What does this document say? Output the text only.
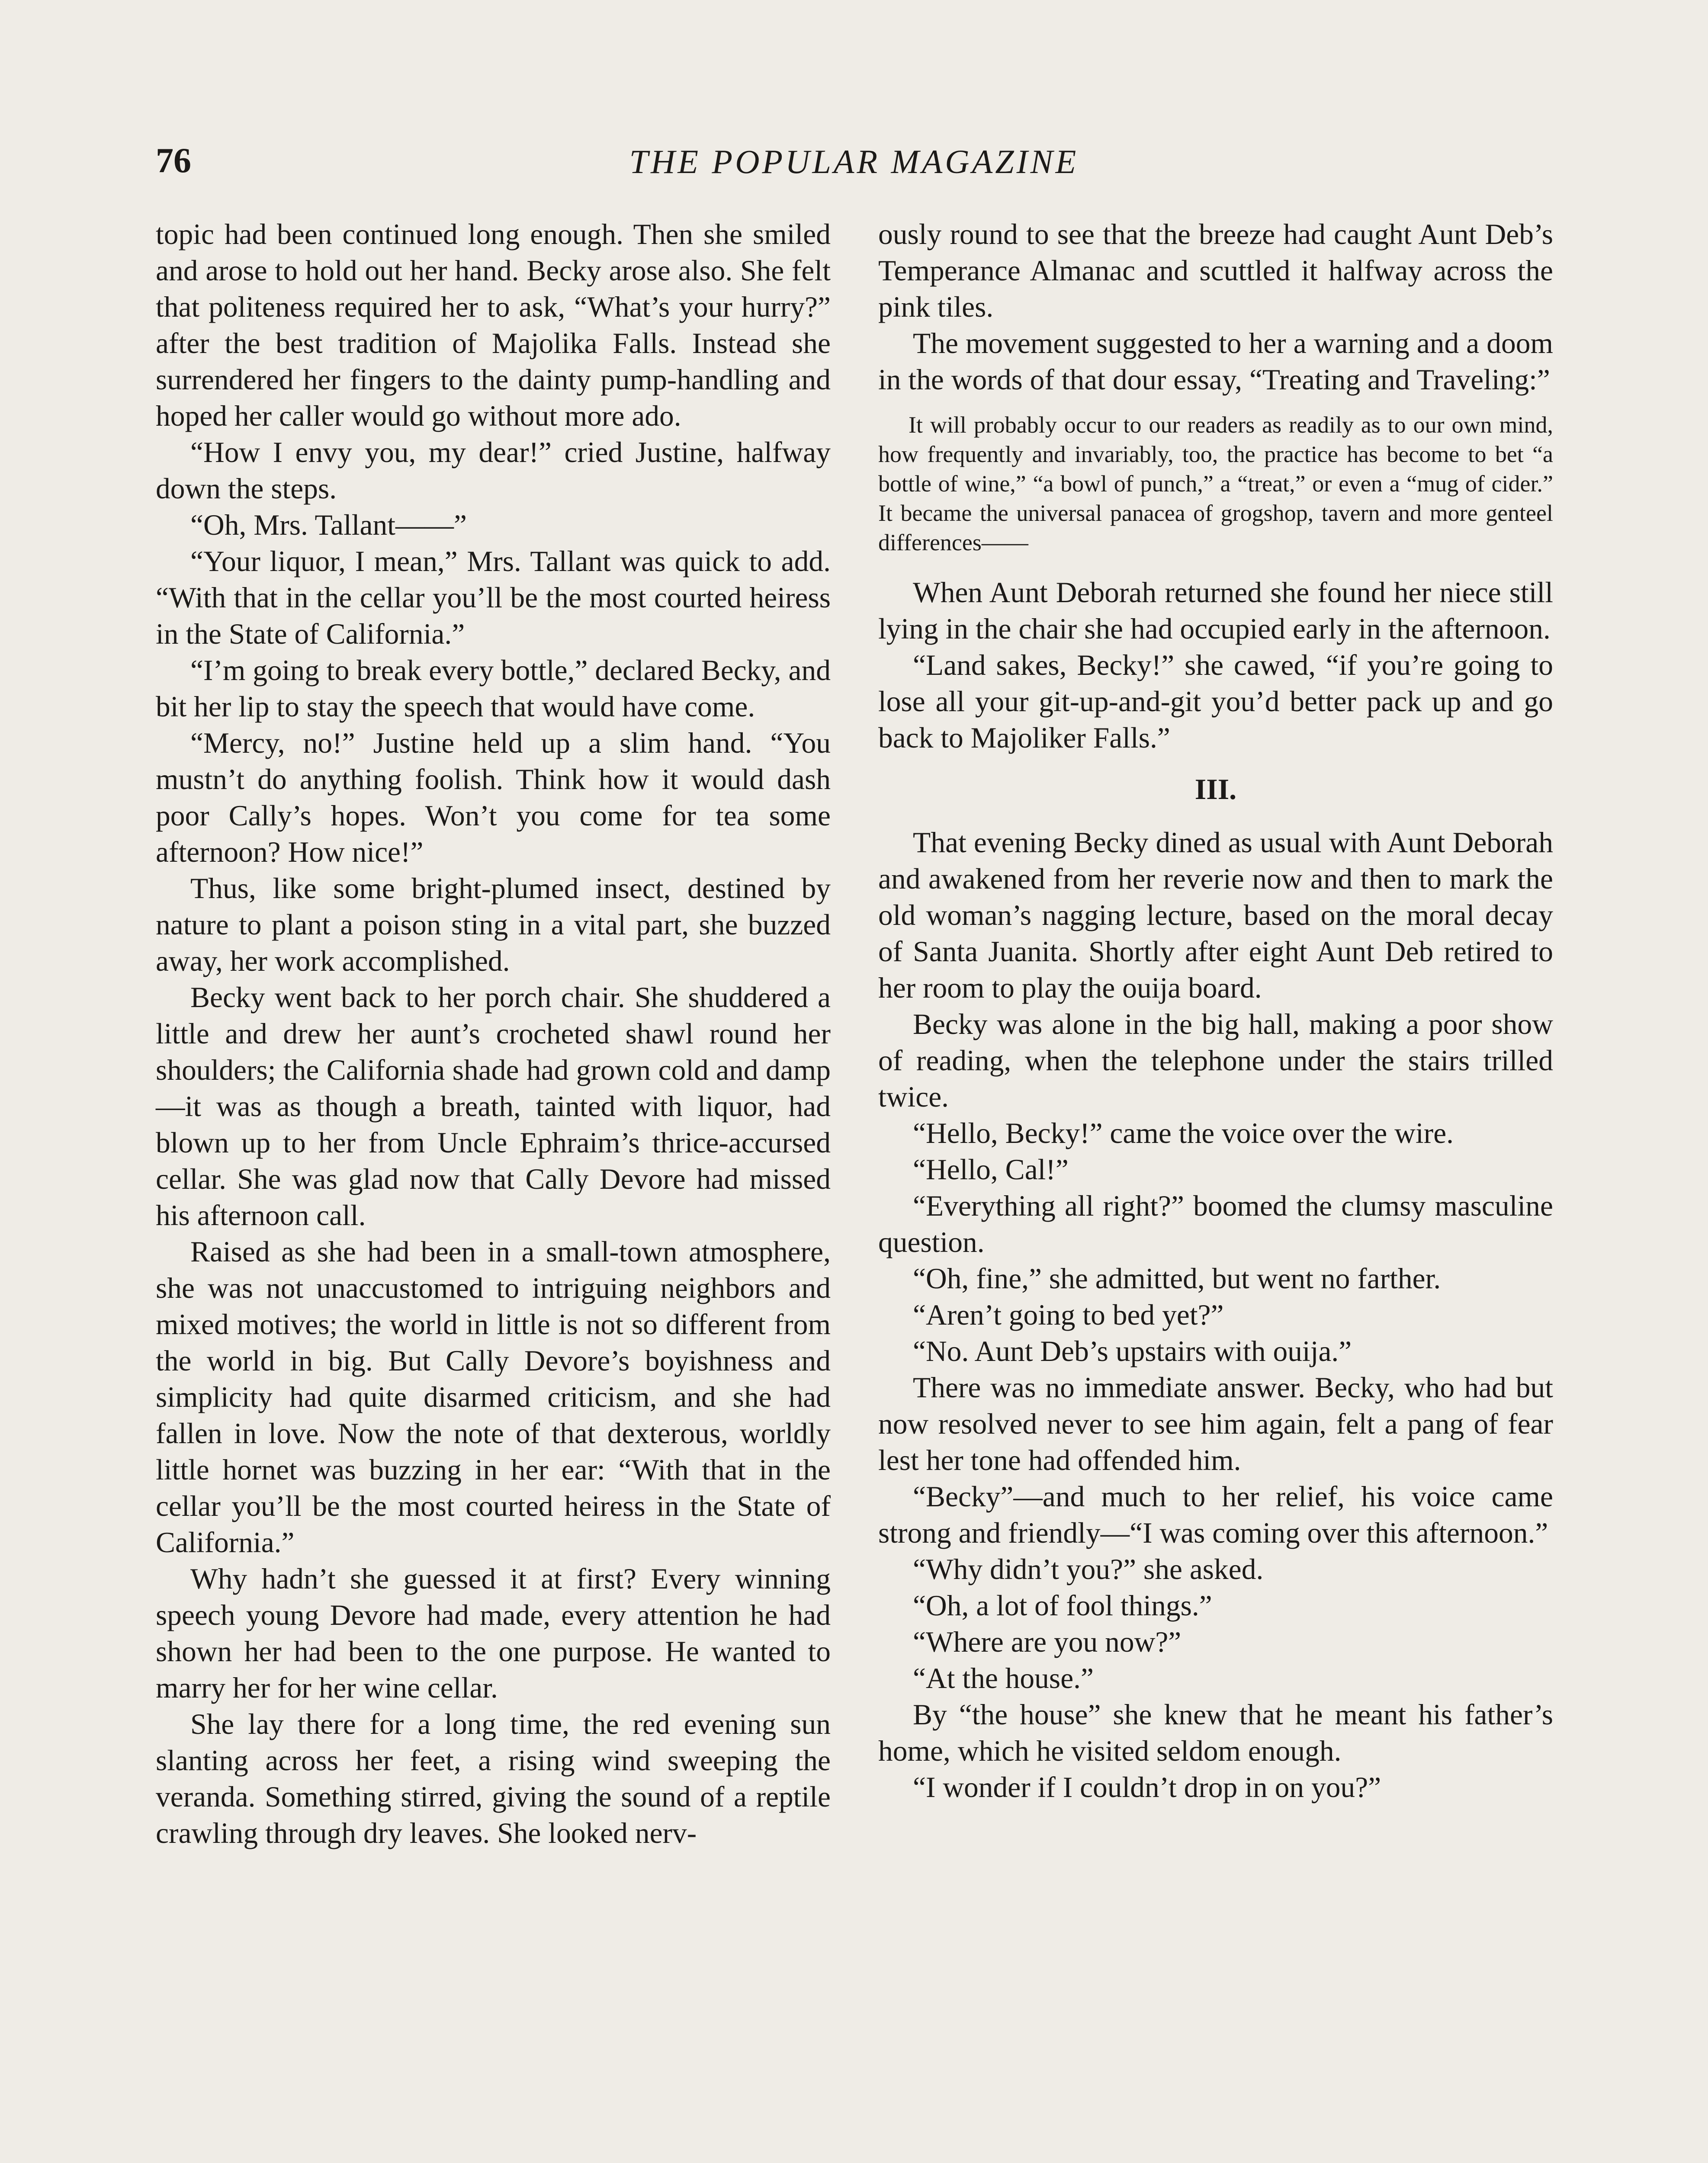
76	THE POPULAR MAGAZINE

topic had been continued long enough. Then she smiled and arose to hold out her hand. Becky arose also. She felt that politeness required her to ask, “What’s your hurry?” after the best tradition of Majolika Falls. Instead she surrendered her fingers to the dainty pump-handling and hoped her caller would go without more ado.

“How I envy you, my dear!” cried Justine, halfway down the steps.

“Oh, Mrs. Tallant——”

“Your liquor, I mean,” Mrs. Tallant was quick to add. “With that in the cellar you’ll be the most courted heiress in the State of California.”

“I’m going to break every bottle,” declared Becky, and bit her lip to stay the speech that would have come.

“Mercy, no!” Justine held up a slim hand. “You mustn’t do anything foolish. Think how it would dash poor Cally’s hopes. Won’t you come for tea some afternoon? How nice!”

Thus, like some bright-plumed insect, destined by nature to plant a poison sting in a vital part, she buzzed away, her work accomplished.

Becky went back to her porch chair. She shuddered a little and drew her aunt’s crocheted shawl round her shoulders; the California shade had grown cold and damp—it was as though a breath, tainted with liquor, had blown up to her from Uncle Ephraim’s thrice-accursed cellar. She was glad now that Cally Devore had missed his afternoon call.

Raised as she had been in a small-town atmosphere, she was not unaccustomed to intriguing neighbors and mixed motives; the world in little is not so different from the world in big. But Cally Devore’s boyishness and simplicity had quite disarmed criticism, and she had fallen in love. Now the note of that dexterous, worldly little hornet was buzzing in her ear: “With that in the cellar you’ll be the most courted heiress in the State of California.”

Why hadn’t she guessed it at first? Every winning speech young Devore had made, every attention he had shown her had been to the one purpose. He wanted to marry her for her wine cellar.

She lay there for a long time, the red evening sun slanting across her feet, a rising wind sweeping the veranda. Something stirred, giving the sound of a reptile crawling through dry leaves. She looked nerv-

ously round to see that the breeze had caught Aunt Deb’s Temperance Almanac and scuttled it halfway across the pink tiles.

The movement suggested to her a warning and a doom in the words of that dour essay, “Treating and Traveling:”

It will probably occur to our readers as readily as to our own mind, how frequently and invariably, too, the practice has become to bet “a bottle of wine,” “a bowl of punch,” a “treat,” or even a “mug of cider.” It became the universal panacea of grogshop, tavern and more genteel differences——

When Aunt Deborah returned she found her niece still lying in the chair she had occupied early in the afternoon.

“Land sakes, Becky!” she cawed, “if you’re going to lose all your git-up-and-git you’d better pack up and go back to Majoliker Falls.”

III.

That evening Becky dined as usual with Aunt Deborah and awakened from her reverie now and then to mark the old woman’s nagging lecture, based on the moral decay of Santa Juanita. Shortly after eight Aunt Deb retired to her room to play the ouija board.

Becky was alone in the big hall, making a poor show of reading, when the telephone under the stairs trilled twice.

“Hello, Becky!” came the voice over the wire.

“Hello, Cal!”

“Everything all right?” boomed the clumsy masculine question.

“Oh, fine,” she admitted, but went no farther.

“Aren’t going to bed yet?”

“No. Aunt Deb’s upstairs with ouija.”

There was no immediate answer. Becky, who had but now resolved never to see him again, felt a pang of fear lest her tone had offended him.

“Becky”—and much to her relief, his voice came strong and friendly—“I was coming over this afternoon.”

“Why didn’t you?” she asked.

“Oh, a lot of fool things.”

“Where are you now?”

“At the house.”

By “the house” she knew that he meant his father’s home, which he visited seldom enough.

“I wonder if I couldn’t drop in on you?”
